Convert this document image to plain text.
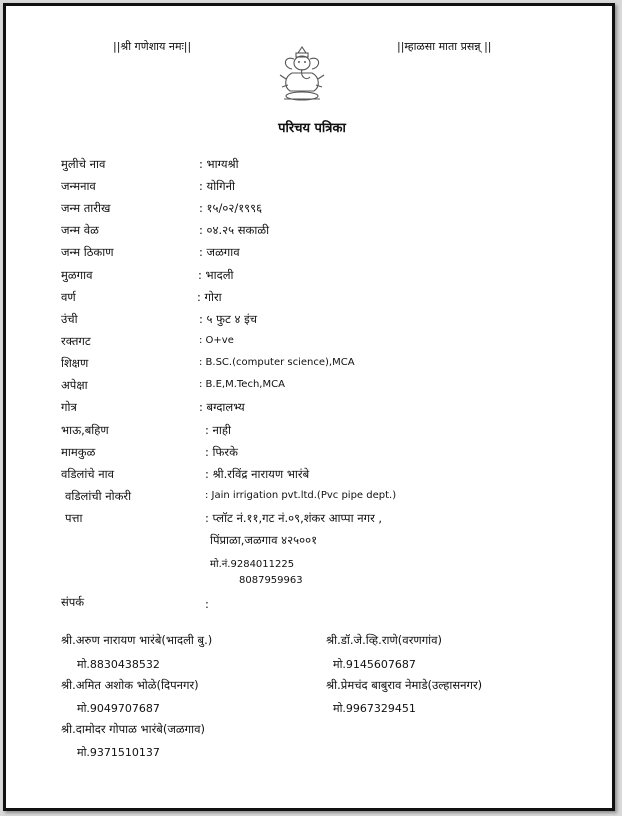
||श्री गणेशाय नमः||	||म्हाळसा माता प्रसन्न् ||
परिचय पत्रिका
मुलीचे नाव	: भाग्यश्री
जन्मनाव	: योगिनी
जन्म तारीख	: १५/०२/१९९६
जन्म वेळ	: ०४.२५ सकाळी
जन्म ठिकाण	: जळगाव
मुळगाव	: भादली
वर्ण	: गोरा
उंची	: ५ फुट ४ इंच
रक्तगट	: O+ve
शिक्षण	: B.SC.(computer science),MCA
अपेक्षा	: B.E,M.Tech,MCA
गोत्र	: बग्दालभ्य
भाऊ,बहिण	: नाही
मामकुळ	: फिरके
वडिलांचे नाव	: श्री.रविंद्र नारायण भारंबे
वडिलांची नोकरी	: Jain irrigation pvt.ltd.(Pvc pipe dept.)
पत्ता	: प्लॉट नं.११,गट नं.०९,शंकर आप्पा नगर ,
पिंप्राळा,जळगाव ४२५००१
मो.नं.9284011225
8087959963
संपर्क	:
श्री.अरुण नारायण भारंबे(भादली बु.)
मो.8830438532
श्री.डॉ.जे.व्हि.राणे(वरणगांव)
मो.9145607687
श्री.अमित अशोक भोळे(दिपनगर)
मो.9049707687
श्री.प्रेमचंद बाबुराव नेमाडे(उल्हासनगर)
मो.9967329451
श्री.दामोदर गोपाळ भारंबे(जळगाव)
मो.9371510137
